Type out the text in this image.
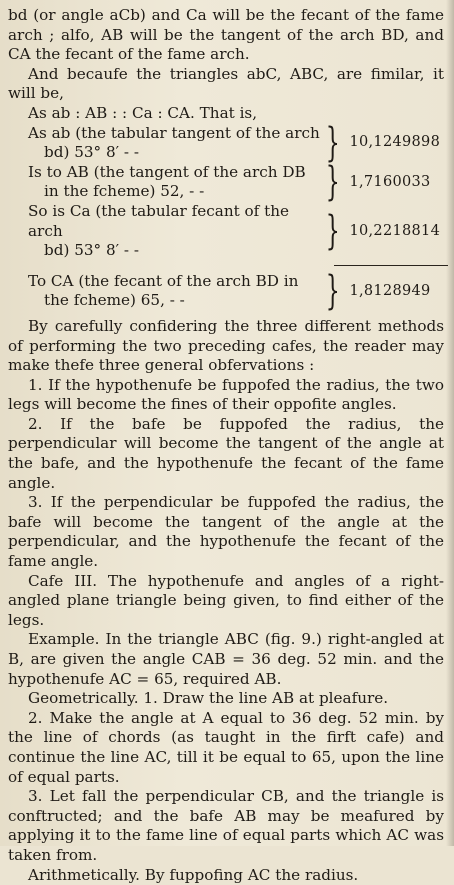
bd (or angle aCb) and Ca will be the fecant of the fame arch ; alfo, AB will be the tangent of the arch BD, and CA the fecant of the fame arch.

And becaufe the triangles abC, ABC, are fimilar, it will be,

As ab : AB : : Ca : CA. That is,

As ab (the tabular tangent of the arch
bd) 53° 8′ - -	} 10,1249898
Is to AB (the tangent of the arch DB
in the fcheme) 52, - -	} 1,7160033
So is Ca (the tabular fecant of the arch
bd) 53° 8′ - -	} 10,2218814
To CA (the fecant of the arch BD in
the fcheme) 65, - -	} 1,8128949

By carefully confidering the three different methods of performing the two preceding cafes, the reader may make thefe three general obfervations :

1. If the hypothenufe be fuppofed the radius, the two legs will become the fines of their oppofite angles.

2. If the bafe be fuppofed the radius, the perpendicular will become the tangent of the angle at the bafe, and the hypothenufe the fecant of the fame angle.

3. If the perpendicular be fuppofed the radius, the bafe will become the tangent of the angle at the perpendicular, and the hypothenufe the fecant of the fame angle.

Cafe III. The hypothenufe and angles of a right-angled plane triangle being given, to find either of the legs.

Example. In the triangle ABC (fig. 9.) right-angled at B, are given the angle CAB = 36 deg. 52 min. and the hypothenufe AC = 65, required AB.

Geometrically. 1. Draw the line AB at pleafure.

2. Make the angle at A equal to 36 deg. 52 min. by the line of chords (as taught in the firft cafe) and continue the line AC, till it be equal to 65, upon the line of equal parts.

3. Let fall the perpendicular CB, and the triangle is conftructed; and the bafe AB may be meafured by applying it to the fame line of equal parts which AC was taken from.

Arithmetically. By fuppofing AC the radius.
